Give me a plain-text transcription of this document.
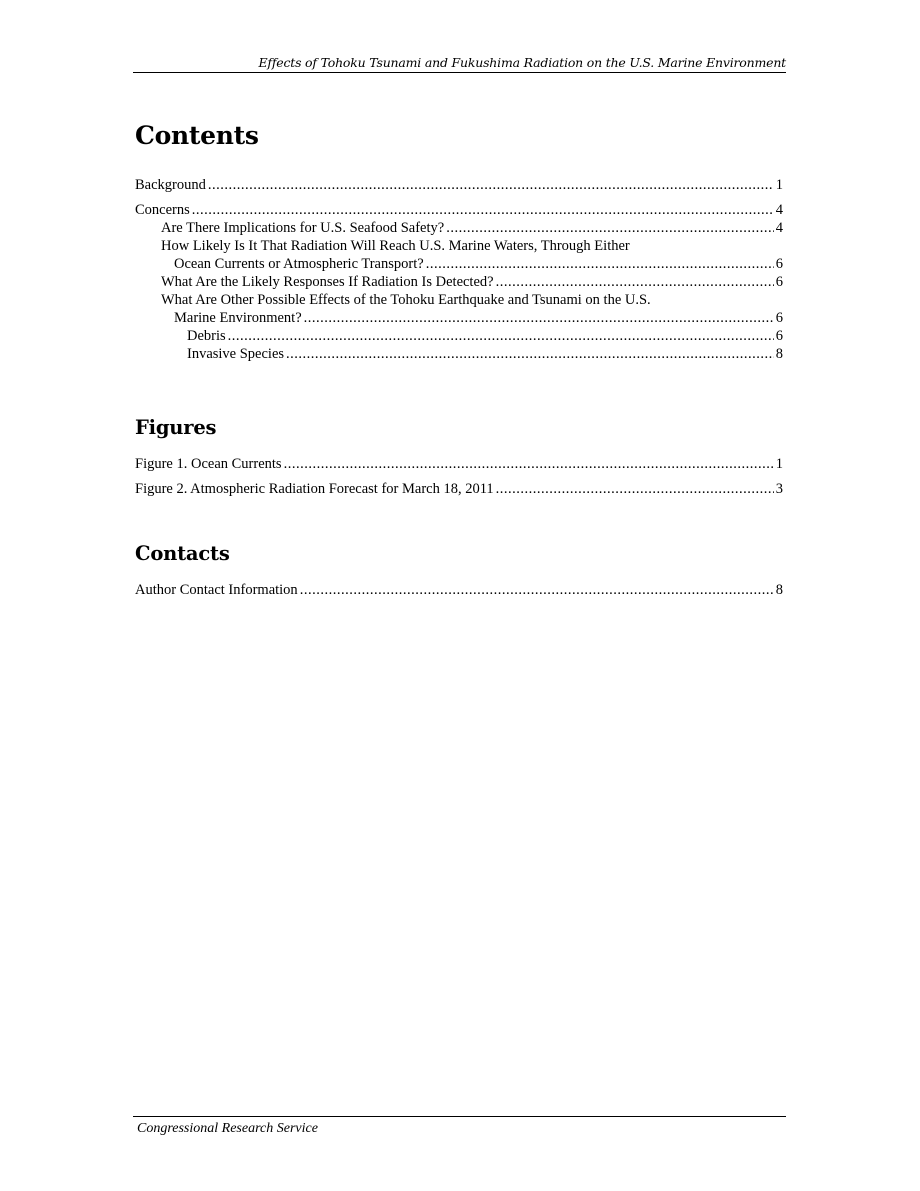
Effects of Tohoku Tsunami and Fukushima Radiation on the U.S. Marine Environment
Contents
Background .....	1
Concerns .....	4
Are There Implications for U.S. Seafood Safety? .....	4
How Likely Is It That Radiation Will Reach U.S. Marine Waters, Through Either
Ocean Currents or Atmospheric Transport? .....	6
What Are the Likely Responses If Radiation Is Detected? .....	6
What Are Other Possible Effects of the Tohoku Earthquake and Tsunami on the U.S.
Marine Environment? .....	6
Debris .....	6
Invasive Species .....	8
Figures
Figure 1. Ocean Currents .....	1
Figure 2. Atmospheric Radiation Forecast for March 18, 2011 .....	3
Contacts
Author Contact Information .....	8
Congressional Research Service
